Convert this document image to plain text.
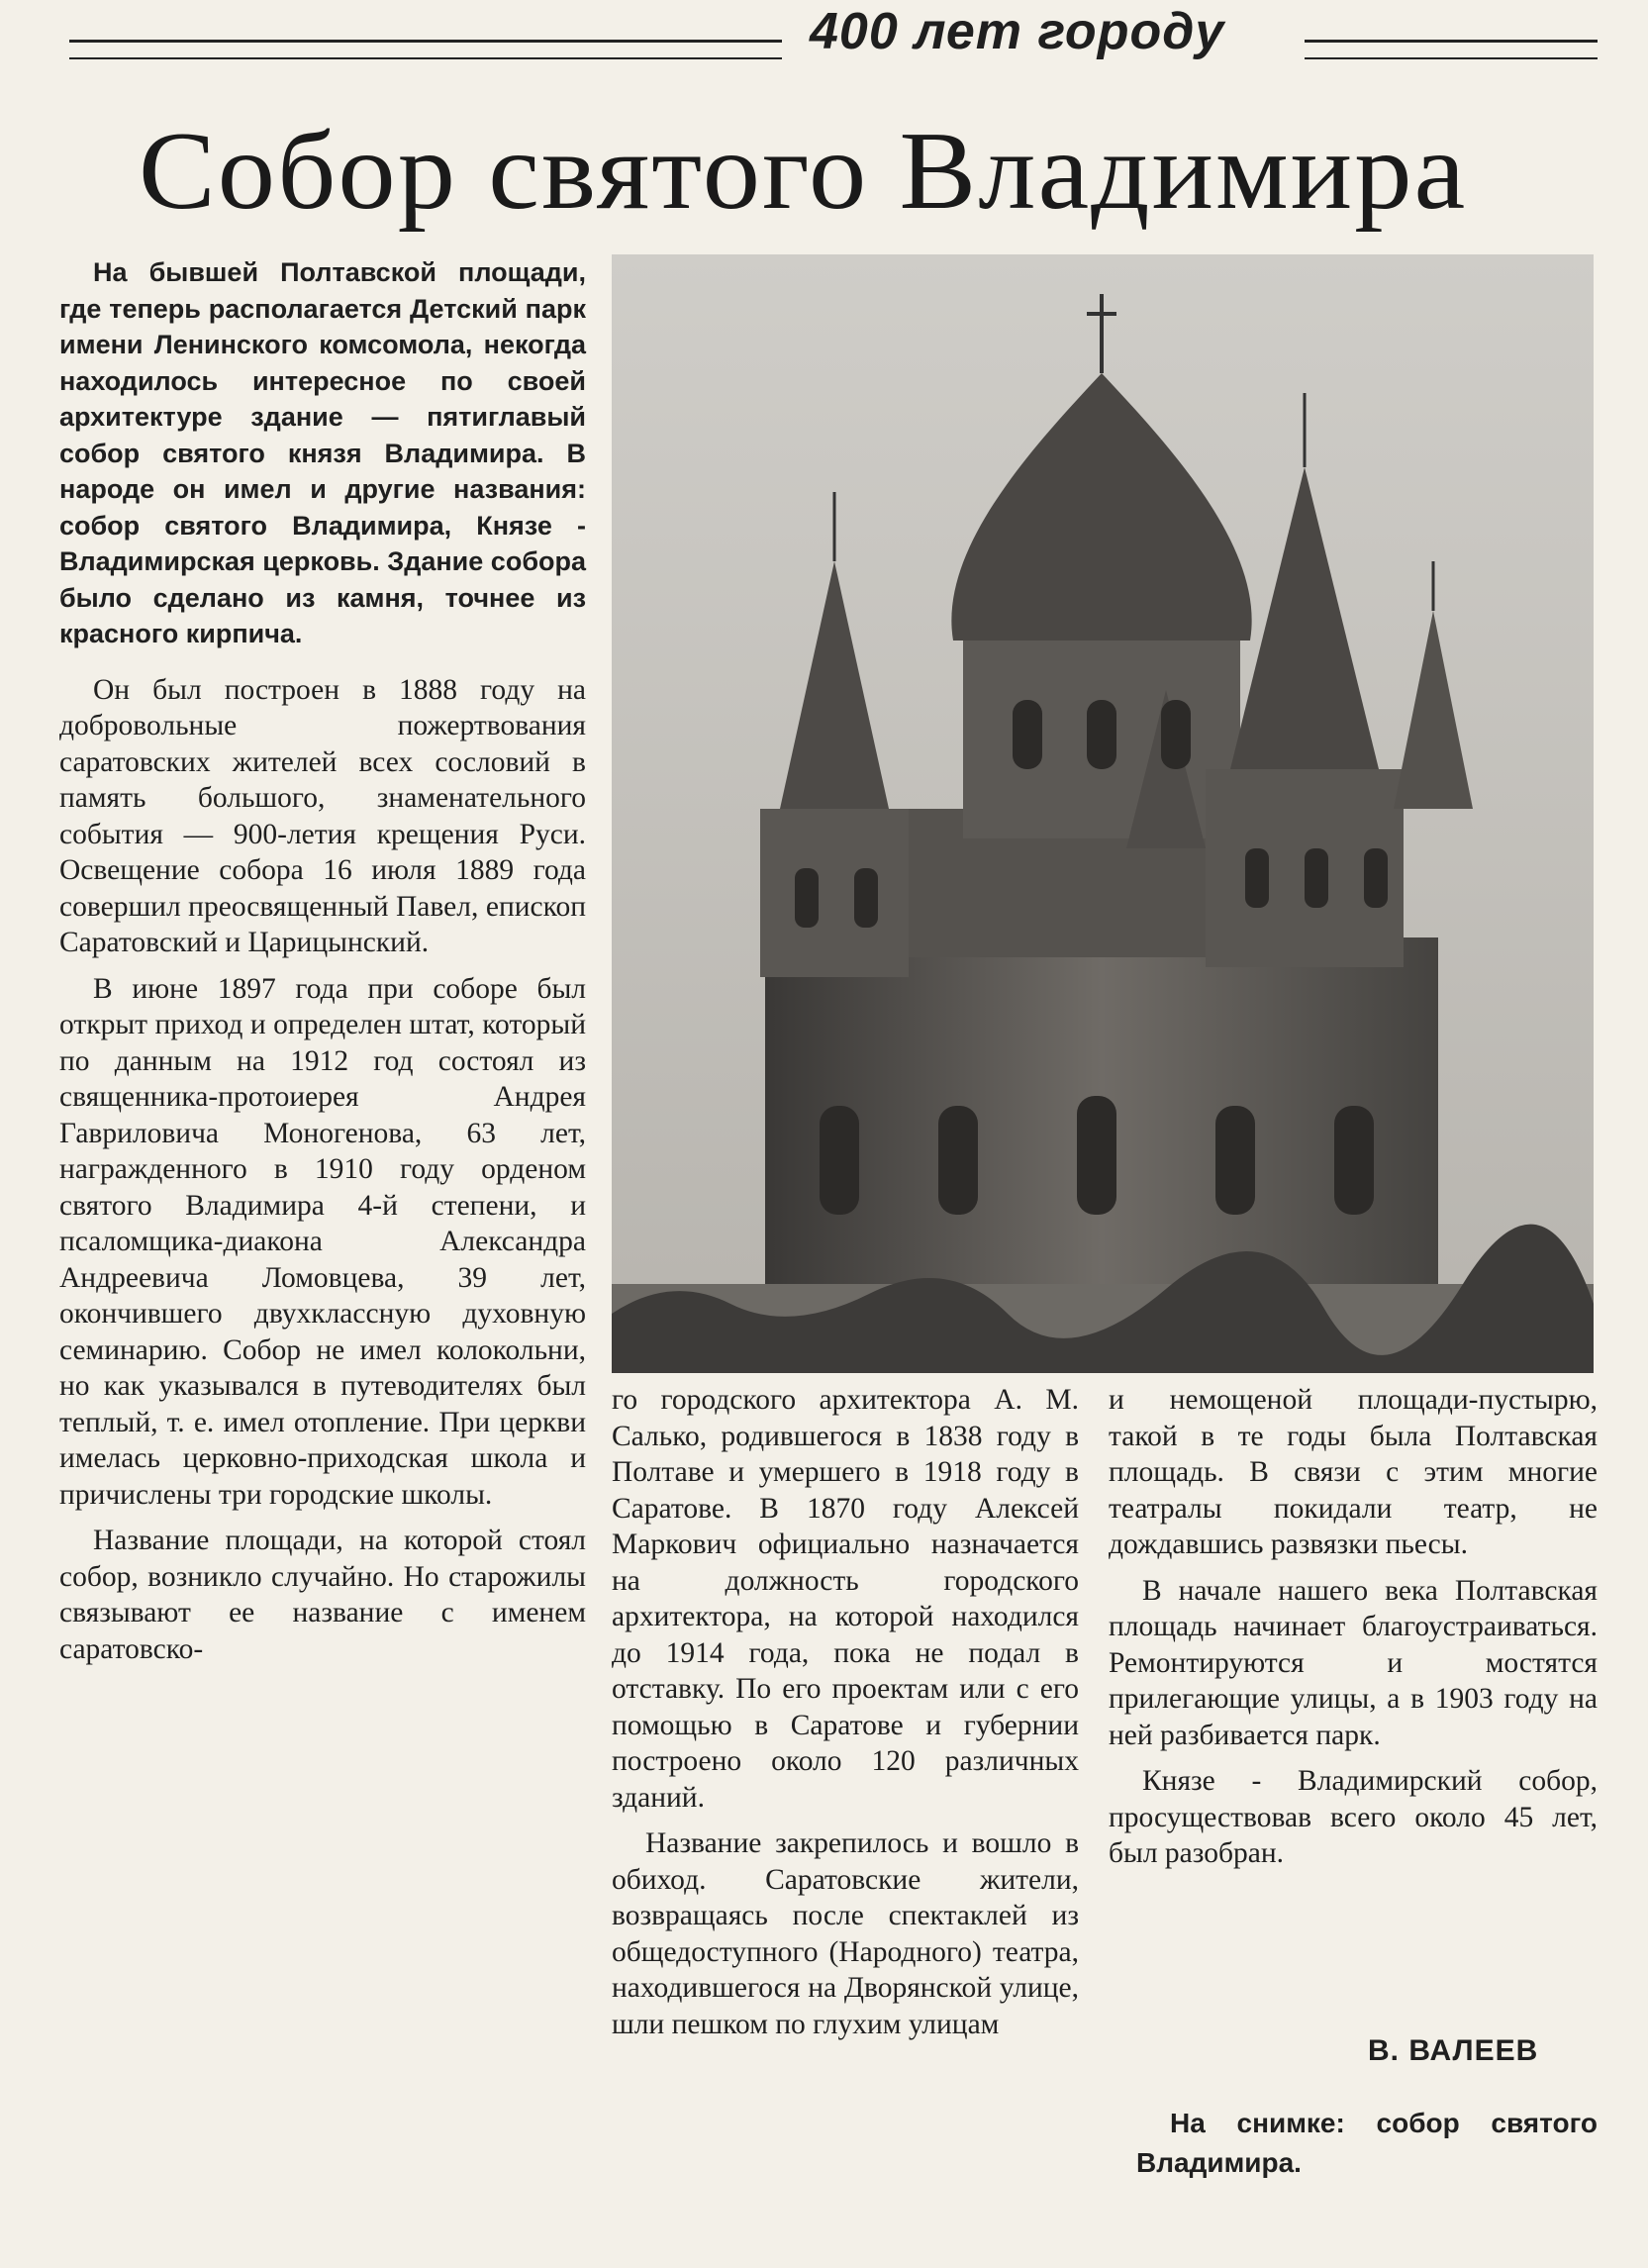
400 лет городу
Собор святого Владимира

На бывшей Полтавской площади, где теперь располагается Детский парк имени Ленинского комсомола, некогда находилось интересное по своей архитектуре здание — пятиглавый собор святого князя Владимира. В народе он имел и другие названия: собор святого Владимира, Князе - Владимирская церковь. Здание собора было сделано из камня, точнее из красного кирпича.

Он был построен в 1888 году на добровольные пожертвования саратовских жителей всех сословий в память большого, знаменательного события — 900-летия крещения Руси. Освещение собора 16 июля 1889 года совершил преосвященный Павел, епископ Саратовский и Царицынский.

В июне 1897 года при соборе был открыт приход и определен штат, который по данным на 1912 год состоял из священника-протоиерея Андрея Гавриловича Моногенова, 63 лет, награжденного в 1910 году орденом святого Владимира 4-й степени, и псаломщика-диакона Александра Андреевича Ломовцева, 39 лет, окончившего двухклассную духовную семинарию. Собор не имел колокольни, но как указывался в путеводителях был теплый, т. е. имел отопление. При церкви имелась церковно-приходская школа и причислены три городские школы.

Название площади, на которой стоял собор, возникло случайно. Но старожилы связывают ее название с именем саратовско-

го городского архитектора А. М. Салько, родившегося в 1838 году в Полтаве и умершего в 1918 году в Саратове. В 1870 году Алексей Маркович официально назначается на должность городского архитектора, на которой находился до 1914 года, пока не подал в отставку. По его проектам или с его помощью в Саратове и губернии построено около 120 различных зданий.

Название закрепилось и вошло в обиход. Саратовские жители, возвращаясь после спектаклей из общедоступного (Народного) театра, находившегося на Дворянской улице, шли пешком по глухим улицам

и немощеной площади-пустырю, такой в те годы была Полтавская площадь. В связи с этим многие театралы покидали театр, не дождавшись развязки пьесы.

В начале нашего века Полтавская площадь начинает благоустраиваться. Ремонтируются и мостятся прилегающие улицы, а в 1903 году на ней разбивается парк.

Князе - Владимирский собор, просуществовав всего около 45 лет, был разобран.

В. ВАЛЕЕВ
На снимке: собор святого Владимира.
